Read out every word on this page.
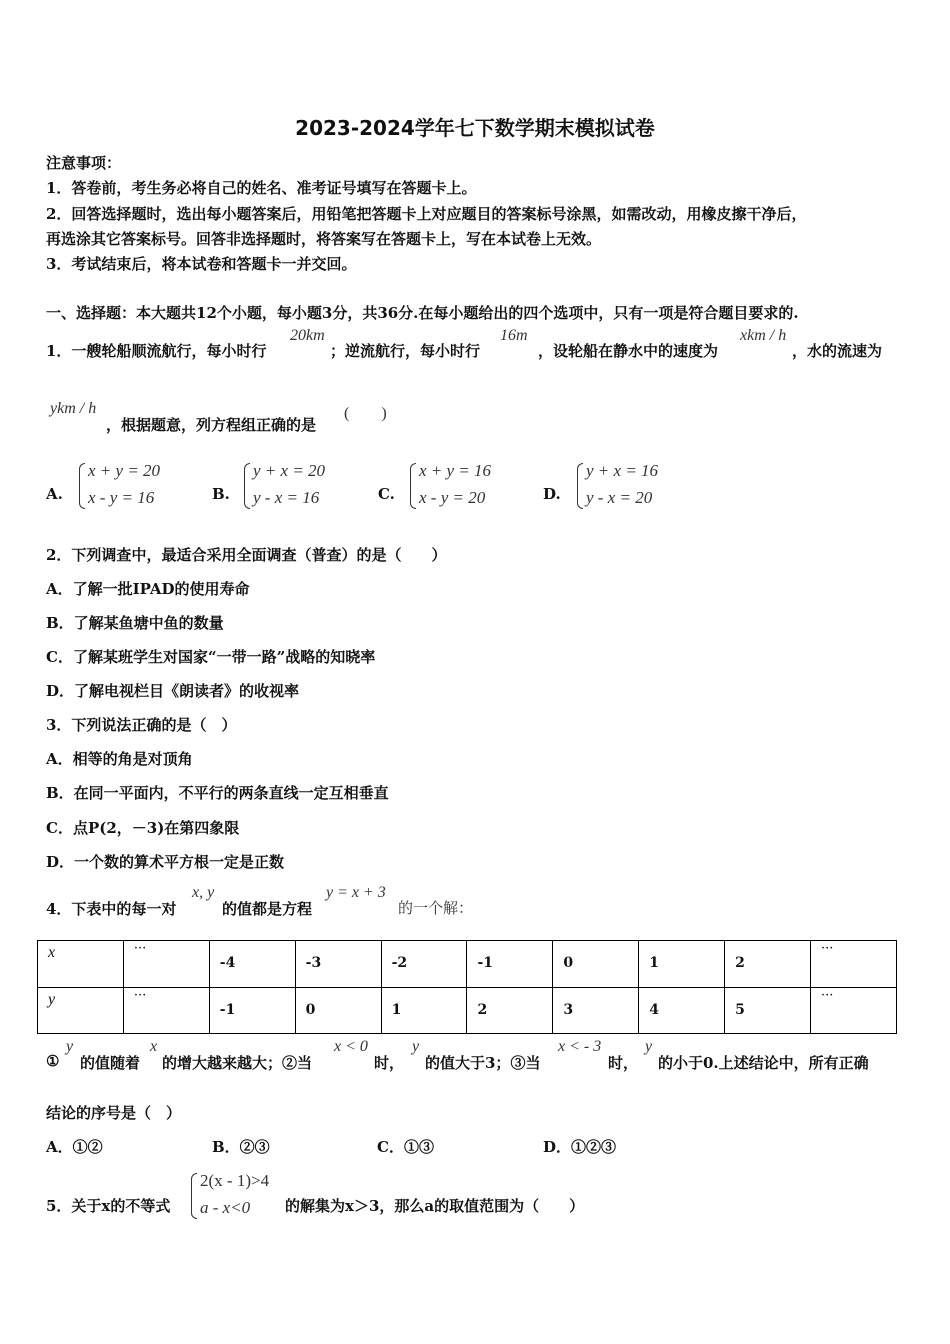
2023-2024学年七下数学期末模拟试卷
注意事项：
1．答卷前，考生务必将自己的姓名、准考证号填写在答题卡上。
2．回答选择题时，选出每小题答案后，用铅笔把答题卡上对应题目的答案标号涂黑，如需改动，用橡皮擦干净后，
再选涂其它答案标号。回答非选择题时，将答案写在答题卡上，写在本试卷上无效。
3．考试结束后，将本试卷和答题卡一并交回。
一、选择题：本大题共12个小题，每小题3分，共36分.在每小题给出的四个选项中，只有一项是符合题目要求的.
1．一艘轮船顺流航行，每小时行
20km
；逆流航行，每小时行
16m
，设轮船在静水中的速度为
xkm / h
，水的流速为
ykm / h
，根据题意，列方程组正确的是
(　　)
A.
x + y = 20
x - y = 16	B.
y + x = 20
y - x = 16	C.
x + y = 16
x - y = 20	D.
y + x = 16
y - x = 20
2．下列调查中，最适合采用全面调查（普查）的是（　　）
A．了解一批IPAD的使用寿命
B．了解某鱼塘中鱼的数量
C．了解某班学生对国家“一带一路”战略的知晓率
D．了解电视栏目《朗读者》的收视率
3．下列说法正确的是（　）
A．相等的角是对顶角
B．在同一平面内，不平行的两条直线一定互相垂直
C．点P(2，－3)在第四象限
D．一个数的算术平方根一定是正数
4．下表中的每一对
x, y
的值都是方程
y = x + 3
的一个解：
x	···	-4	-3	-2	-1	0	1	2	···

y	···	-1	0	1	2	3	4	5	···
①
y
的值随着
x
的增大越来越大；②当
x < 0
时，
y
的值大于3；③当
x < - 3
时，
y
的小于0.上述结论中，所有正确
结论的序号是（　）
A．①②	B．②③	C．①③	D．①②③
5．关于x的不等式
2(x - 1)>4
a - x<0 的解集为x＞3，那么a的取值范围为（　　）
